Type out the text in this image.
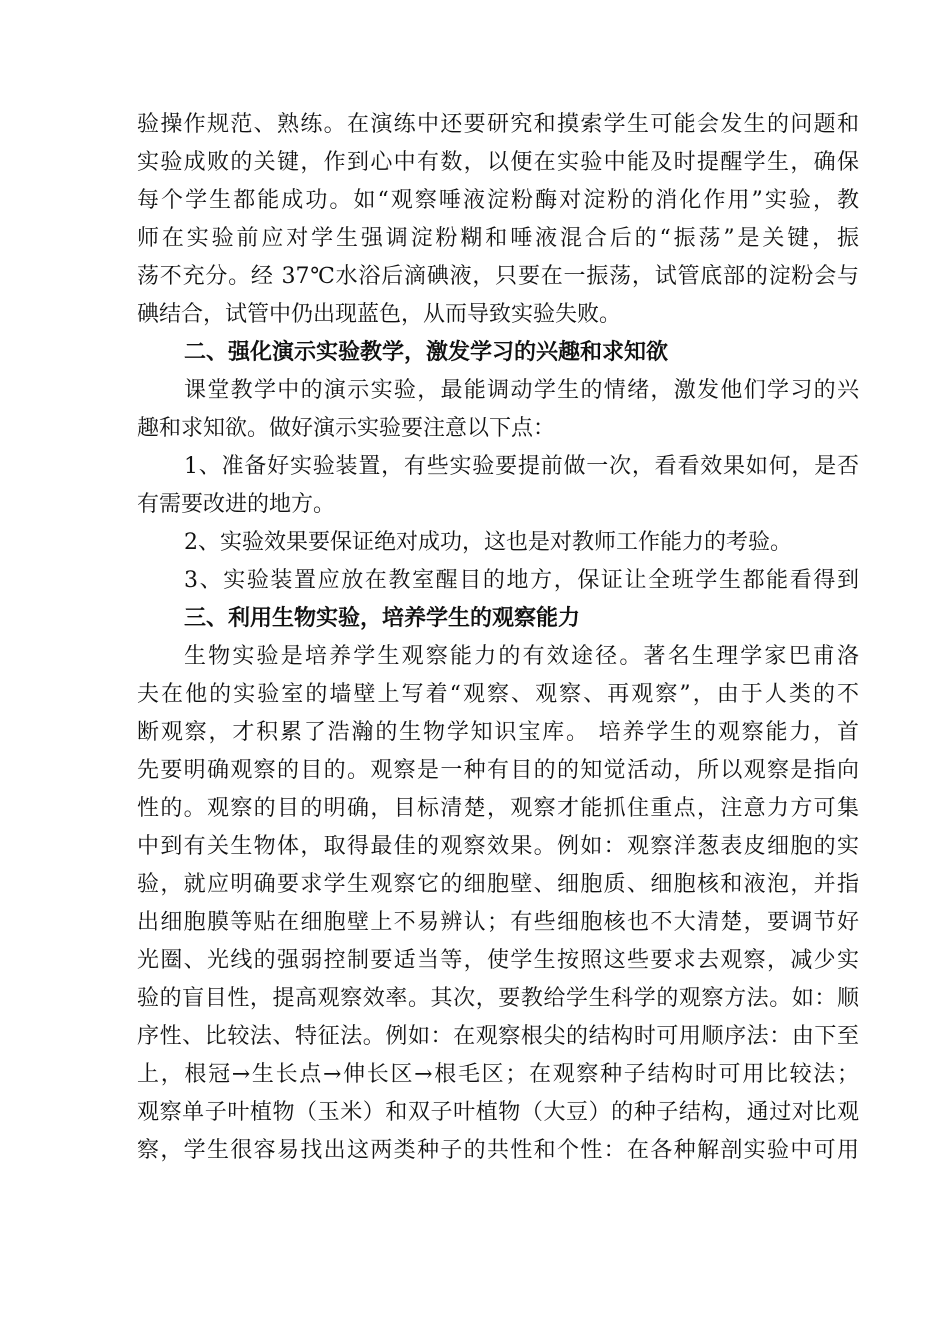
验操作规范、熟练。在演练中还要研究和摸索学生可能会发生的问题和
实验成败的关键，作到心中有数，以便在实验中能及时提醒学生，确保
每个学生都能成功。如“观察唾液淀粉酶对淀粉的消化作用”实验，教
师在实验前应对学生强调淀粉糊和唾液混合后的“振荡”是关键，振
荡不充分。经 37℃水浴后滴碘液，只要在一振荡，试管底部的淀粉会与
碘结合，试管中仍出现蓝色，从而导致实验失败。
二、强化演示实验教学，激发学习的兴趣和求知欲
课堂教学中的演示实验，最能调动学生的情绪，激发他们学习的兴
趣和求知欲。做好演示实验要注意以下点：
1、准备好实验装置，有些实验要提前做一次，看看效果如何，是否
有需要改进的地方。
2、实验效果要保证绝对成功，这也是对教师工作能力的考验。
3、实验装置应放在教室醒目的地方，保证让全班学生都能看得到
三、利用生物实验，培养学生的观察能力
生物实验是培养学生观察能力的有效途径。著名生理学家巴甫洛
夫在他的实验室的墙壁上写着“观察、观察、再观察”，由于人类的不
断观察，才积累了浩瀚的生物学知识宝库。 培养学生的观察能力，首
先要明确观察的目的。观察是一种有目的的知觉活动，所以观察是指向
性的。观察的目的明确，目标清楚，观察才能抓住重点，注意力方可集
中到有关生物体，取得最佳的观察效果。例如：观察洋葱表皮细胞的实
验，就应明确要求学生观察它的细胞壁、细胞质、细胞核和液泡，并指
出细胞膜等贴在细胞壁上不易辨认；有些细胞核也不大清楚，要调节好
光圈、光线的强弱控制要适当等，使学生按照这些要求去观察，减少实
验的盲目性，提高观察效率。其次，要教给学生科学的观察方法。如：顺
序性、比较法、特征法。例如：在观察根尖的结构时可用顺序法：由下至
上，根冠→生长点→伸长区→根毛区；在观察种子结构时可用比较法；
观察单子叶植物（玉米）和双子叶植物（大豆）的种子结构，通过对比观
察，学生很容易找出这两类种子的共性和个性：在各种解剖实验中可用
